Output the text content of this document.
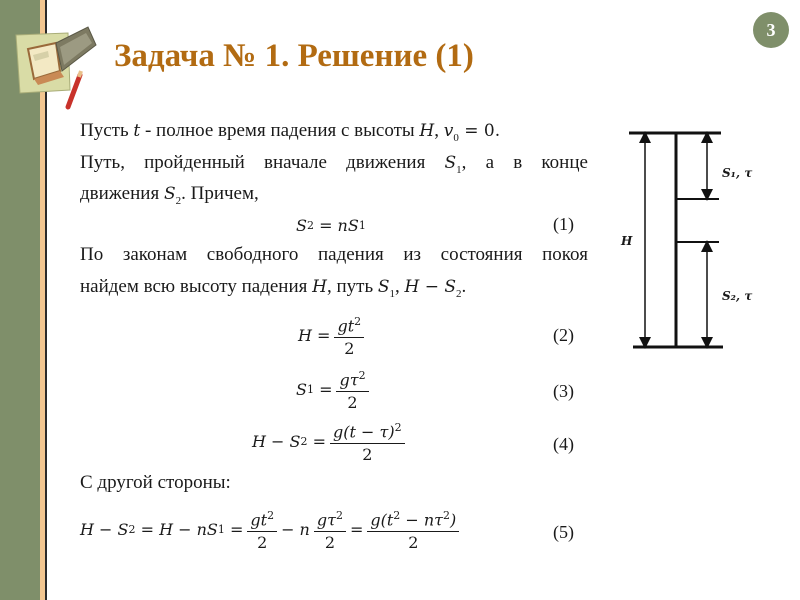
3
Задача № 1. Решение (1)
Пусть t - полное время падения с высоты H, $v_0 = 0$.
Путь, пройденный вначале движения $S_1$, а в конце
движения $S_2$. Причем,
S 2
= nS 1	(1)
По законам свободного падения из состояния покоя
найдем всю высоту падения H, путь $S_1$, $H - S_2$.
$H = \frac{gt^2}{2}$	(2)
S 1
= $\frac{g\tau^2}{2}$	(3)
H − S 2
= $\frac{g(t - \tau)^2}{2}$	(4)
С другой стороны:
H − S 2
= H − nS 1
= $\frac{gt^2}{2} - n \frac{g\tau^2}{2} = \frac{g(t^2 - n\tau^2)}{2}$	(5)
H
S₁, τ
S₂, τ
